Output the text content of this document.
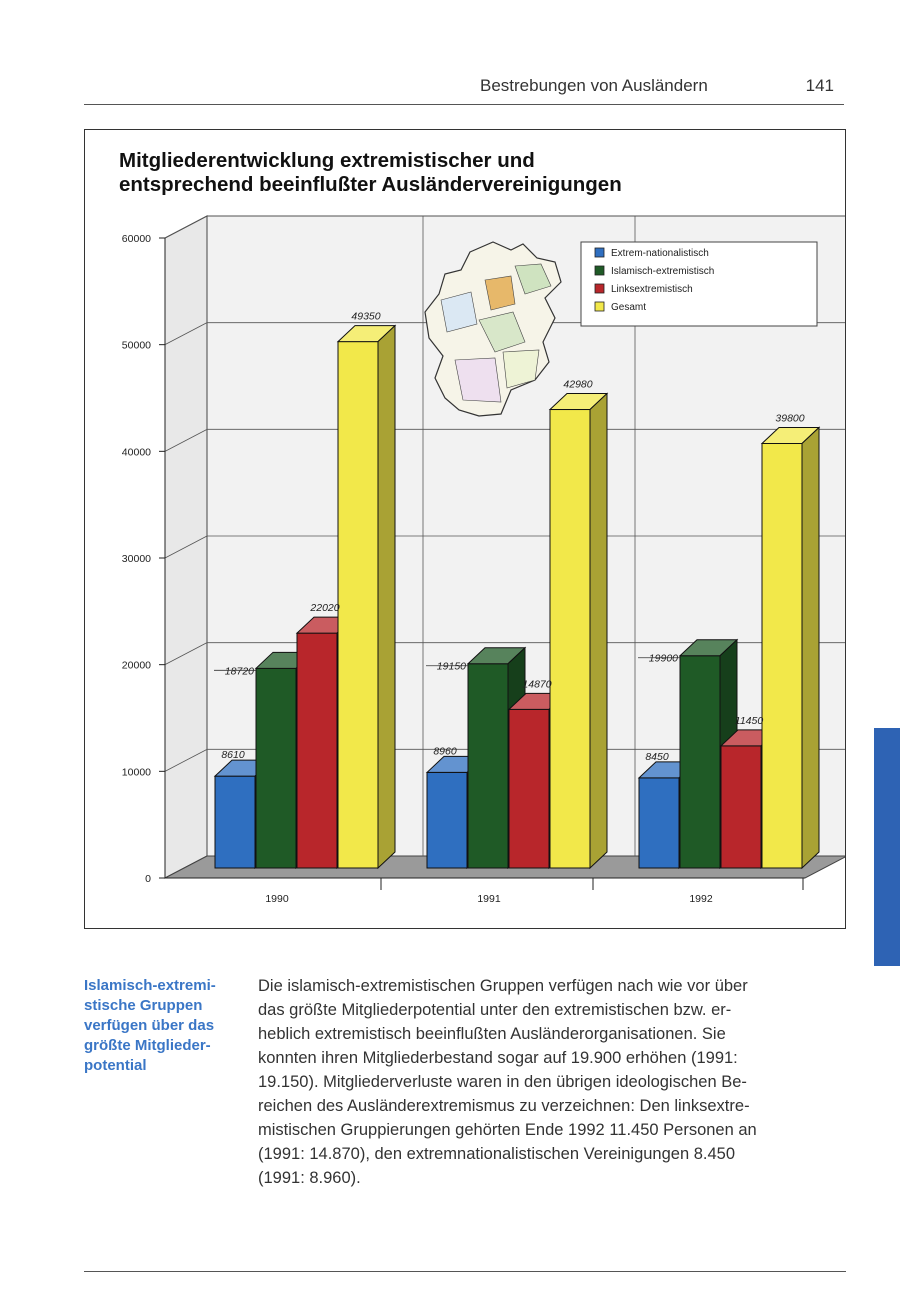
Bestrebungen von Ausländern	141
Mitgliederentwicklung extremistischer und
entsprechend beeinflußter Ausländervereinigungen
8610
18720
22020
49350
8960
19150
14870
42980
8450
19900
11450
39800
0
10000
20000
30000
40000
50000
60000
1990	1991	1992
Extrem-nationalistisch
Islamisch-extremistisch
Linksextremistisch
Gesamt
Islamisch-extremi-
stische Gruppen
verfügen über das
größte Mitglieder-
potential
Die islamisch-extremistischen Gruppen verfügen nach wie vor über
das größte Mitgliederpotential unter den extremistischen bzw. er-
heblich extremistisch beeinflußten Ausländerorganisationen. Sie
konnten ihren Mitgliederbestand sogar auf 19.900 erhöhen (1991:
19.150). Mitgliederverluste waren in den übrigen ideologischen Be-
reichen des Ausländerextremismus zu verzeichnen: Den linksextre-
mistischen Gruppierungen gehörten Ende 1992 11.450 Personen an
(1991: 14.870), den extremnationalistischen Vereinigungen 8.450
(1991: 8.960).
